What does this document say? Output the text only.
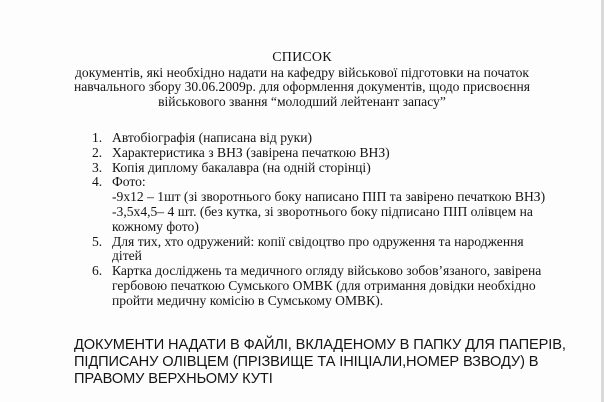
СПИСОК
документів, які необхідно надати на кафедру військової підготовки на початок
навчального збору 30.06.2009р. для оформлення документів, щодо присвоєння
військового звання “молодший лейтенант запасу”
1. Автобіографія (написана від руки)
2. Характеристика з ВНЗ (завірена печаткою ВНЗ)
3. Копія диплому бакалавра (на одній сторінці)
4. Фото:
-9х12 – 1шт (зі зворотнього боку написано ПІП та завірено печаткою ВНЗ)
-3,5х4,5– 4 шт. (без кутка, зі зворотнього боку підписано ПІП олівцем на
кожному фото)
5. Для тих, хто одружений: копії свідоцтво про одруження та народження
дітей
6. Картка досліджень та медичного огляду військово зобов’язаного, завірена
гербовою печаткою Сумського ОМВК (для отримання довідки необхідно
пройти медичну комісію в Сумському ОМВК).
ДОКУМЕНТИ НАДАТИ В ФАЙЛІ, ВКЛАДЕНОМУ В ПАПКУ ДЛЯ ПАПЕРІВ,
ПІДПИСАНУ ОЛІВЦЕМ (ПРІЗВИЩЕ ТА ІНІЦІАЛИ,НОМЕР ВЗВОДУ) В
ПРАВОМУ ВЕРХНЬОМУ КУТІ
